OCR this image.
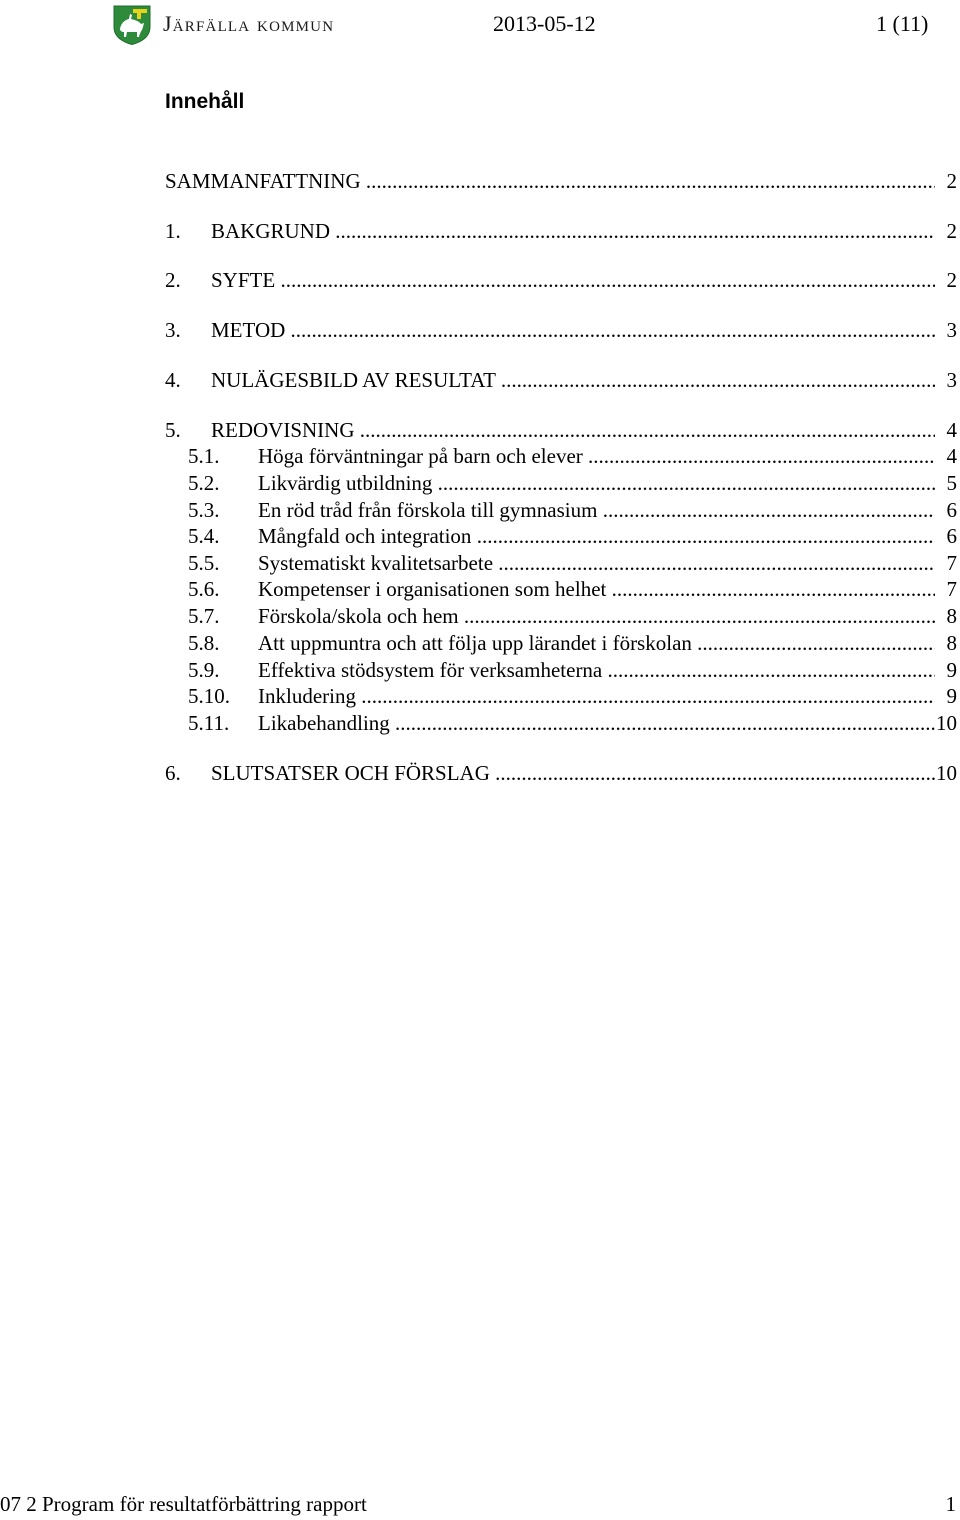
Järfälla kommun	2013-05-12	1 (11)
Innehåll
SAMMANFATTNING .....	2
1. BAKGRUND .....	2
2. SYFTE .....	2
3. METOD .....	3
4. NULÄGESBILD AV RESULTAT .....	3
5. REDOVISNING .....	4
5.1. Höga förväntningar på barn och elever .....	4
5.2. Likvärdig utbildning .....	5
5.3. En röd tråd från förskola till gymnasium .....	6
5.4. Mångfald och integration .....	6
5.5. Systematiskt kvalitetsarbete .....	7
5.6. Kompetenser i organisationen som helhet .....	7
5.7. Förskola/skola och hem .....	8
5.8. Att uppmuntra och att följa upp lärandet i förskolan .....	8
5.9. Effektiva stödsystem för verksamheterna .....	9
5.10. Inkludering .....	9
5.11. Likabehandling .....	10
6. SLUTSATSER OCH FÖRSLAG .....	10
07 2 Program för resultatförbättring rapport	1
